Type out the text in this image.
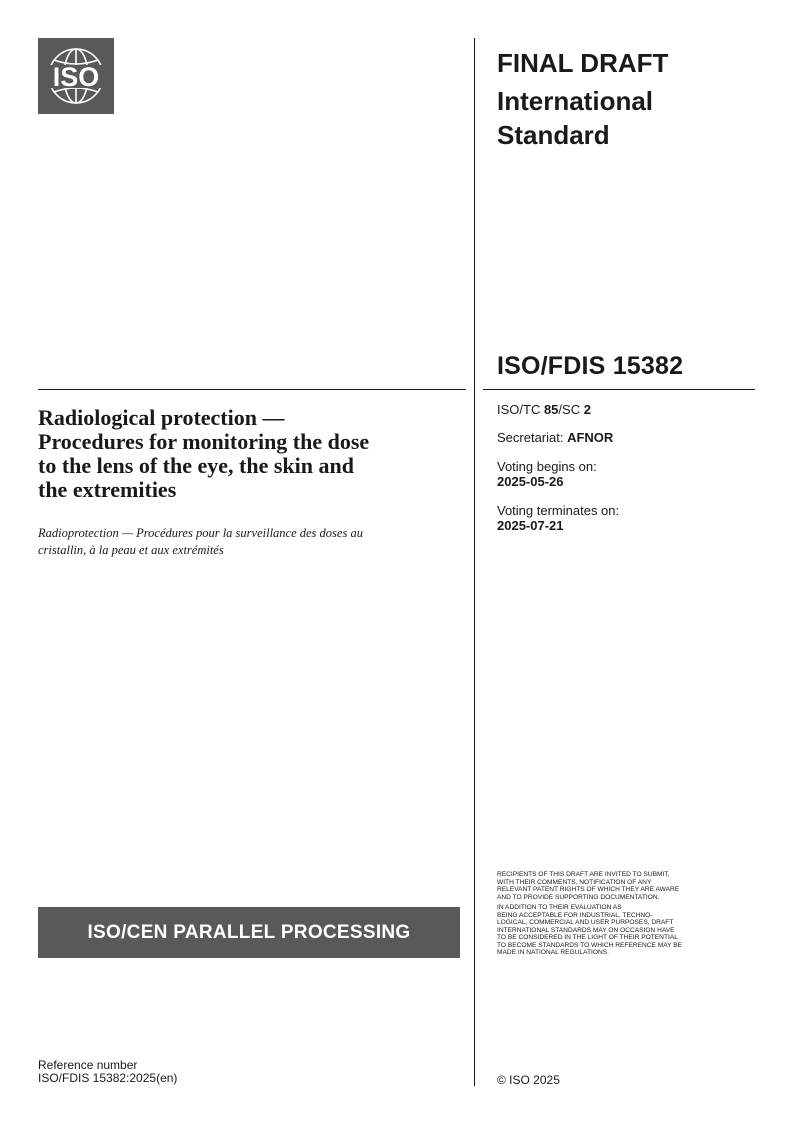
ISO	FINAL DRAFT
International
Standard
ISO/FDIS 15382
Radiological protection —
Procedures for monitoring the dose
to the lens of the eye, the skin and
the extremities
Radioprotection — Procédures pour la surveillance des doses au
cristallin, à la peau et aux extrémités
ISO/TC 85/SC 2
Secretariat: AFNOR
Voting begins on:
2025-05-26
Voting terminates on:
2025-07-21

RECIPIENTS OF THIS DRAFT ARE INVITED TO SUBMIT,
WITH THEIR COMMENTS, NOTIFICATION OF ANY
RELEVANT PATENT RIGHTS OF WHICH THEY ARE AWARE
AND TO PROVIDE SUPPORTING DOCUMENTATION.

IN ADDITION TO THEIR EVALUATION AS
BEING ACCEPTABLE FOR INDUSTRIAL, TECHNO-
LOGICAL, COMMERCIAL AND USER PURPOSES, DRAFT
INTERNATIONAL STANDARDS MAY ON OCCASION HAVE
TO BE CONSIDERED IN THE LIGHT OF THEIR POTENTIAL
TO BECOME STANDARDS TO WHICH REFERENCE MAY BE
MADE IN NATIONAL REGULATIONS.

ISO/CEN PARALLEL PROCESSING
Reference number
ISO/FDIS 15382:2025(en)	© ISO 2025
